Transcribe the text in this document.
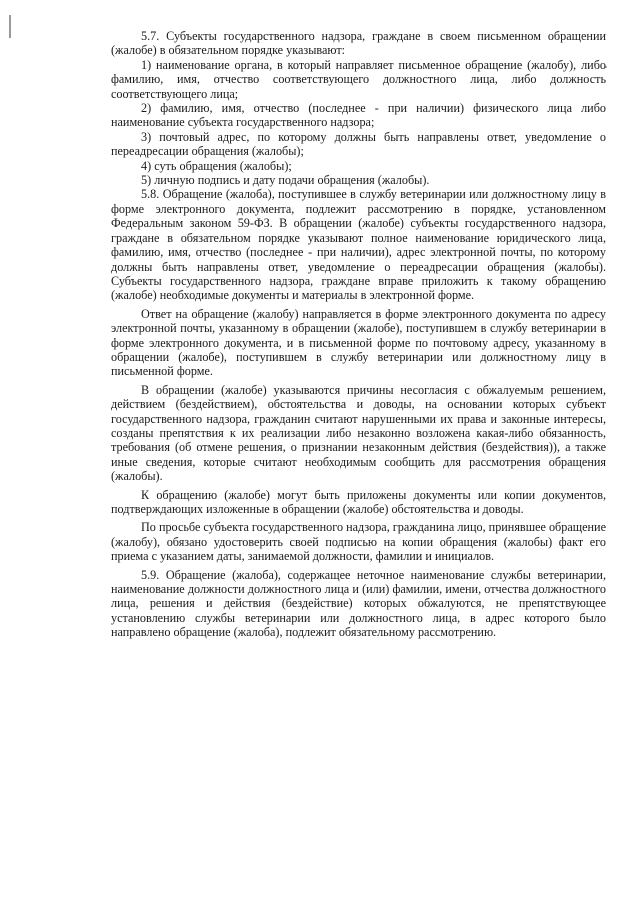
5.7. Субъекты государственного надзора, граждане в своем письменном обращении (жалобе) в обязательном порядке указывают:

1) наименование органа, в который направляет письменное обращение (жалобу), либо фамилию, имя, отчество соответствующего должностного лица, либо должность соответствующего лица;

2) фамилию, имя, отчество (последнее - при наличии) физического лица либо наименование субъекта государственного надзора;

3) почтовый адрес, по которому должны быть направлены ответ, уведомление о переадресации обращения (жалобы);

4) суть обращения (жалобы);

5) личную подпись и дату подачи обращения (жалобы).

5.8. Обращение (жалоба), поступившее в службу ветеринарии или должностному лицу в форме электронного документа, подлежит рассмотрению в порядке, установленном Федеральным законом 59-ФЗ. В обращении (жалобе) субъекты государственного надзора, граждане в обязательном порядке указывают полное наименование юридического лица, фамилию, имя, отчество (последнее - при наличии), адрес электронной почты, по которому должны быть направлены ответ, уведомление о переадресации обращения (жалобы). Субъекты государственного надзора, граждане вправе приложить к такому обращению (жалобе) необходимые документы и материалы в электронной форме.

Ответ на обращение (жалобу) направляется в форме электронного документа по адресу электронной почты, указанному в обращении (жалобе), поступившем в службу ветеринарии в форме электронного документа, и в письменной форме по почтовому адресу, указанному в обращении (жалобе), поступившем в службу ветеринарии или должностному лицу в письменной форме.

В обращении (жалобе) указываются причины несогласия с обжалуемым решением, действием (бездействием), обстоятельства и доводы, на основании которых субъект государственного надзора, гражданин считают нарушенными их права и законные интересы, созданы препятствия к их реализации либо незаконно возложена какая-либо обязанность, требования (об отмене решения, о признании незаконным действия (бездействия)), а также иные сведения, которые считают необходимым сообщить для рассмотрения обращения (жалобы).

К обращению (жалобе) могут быть приложены документы или копии документов, подтверждающих изложенные в обращении (жалобе) обстоятельства и доводы.

По просьбе субъекта государственного надзора, гражданина лицо, принявшее обращение (жалобу), обязано удостоверить своей подписью на копии обращения (жалобы) факт его приема с указанием даты, занимаемой должности, фамилии и инициалов.

5.9. Обращение (жалоба), содержащее неточное наименование службы ветеринарии, наименование должности должностного лица и (или) фамилии, имени, отчества должностного лица, решения и действия (бездействие) которых обжалуются, не препятствующее установлению службы ветеринарии или должностного лица, в адрес которого было направлено обращение (жалоба), подлежит обязательному рассмотрению.
